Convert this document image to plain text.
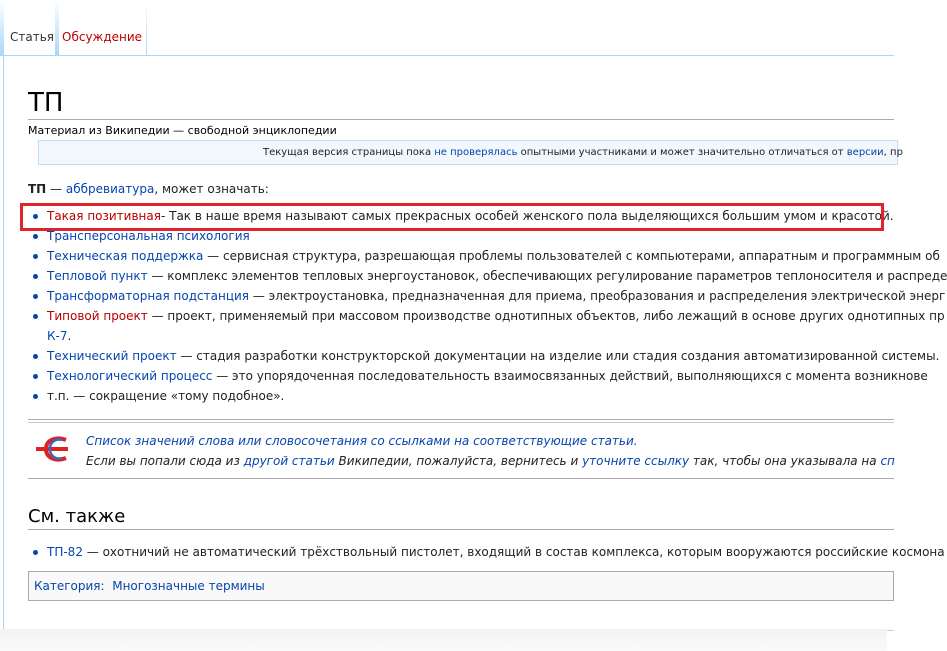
Статья Обсуждение
ТП
Материал из Википедии — свободной энциклопедии
Текущая версия страницы пока не проверялась опытными участниками и может значительно отличаться от версии, пр
ТП — аббревиатура, может означать:
Такая позитивная- Так в наше время называют самых прекрасных особей женского пола выделяющихся большим умом и красотой.
Трансперсональная психология
Техническая поддержка — сервисная структура, разрешающая проблемы пользователей с компьютерами, аппаратным и программным об
Тепловой пункт — комплекс элементов тепловых энергоустановок, обеспечивающих регулирование параметров теплоносителя и распреде
Трансформаторная подстанция — электроустановка, предназначенная для приема, преобразования и распределения электрической энерг
Типовой проект — проект, применяемый при массовом производстве однотипных объектов, либо лежащий в основе других однотипных пр
К-7.
Технический проект — стадия разработки конструкторской документации на изделие или стадия создания автоматизированной системы.
Технологический процесс — это упорядоченная последовательность взаимосвязанных действий, выполняющихся с момента возникнове
т.п. — сокращение «тому подобное».
Список значений слова или словосочетания со ссылками на соответствующие статьи.
Если вы попали сюда из другой статьи Википедии, пожалуйста, вернитесь и уточните ссылку так, чтобы она указывала на сп
См. также
ТП-82 — охотничий не автоматический трёхствольный пистолет, входящий в состав комплекса, которым вооружаются российские космона
Категория: Многозначные термины
